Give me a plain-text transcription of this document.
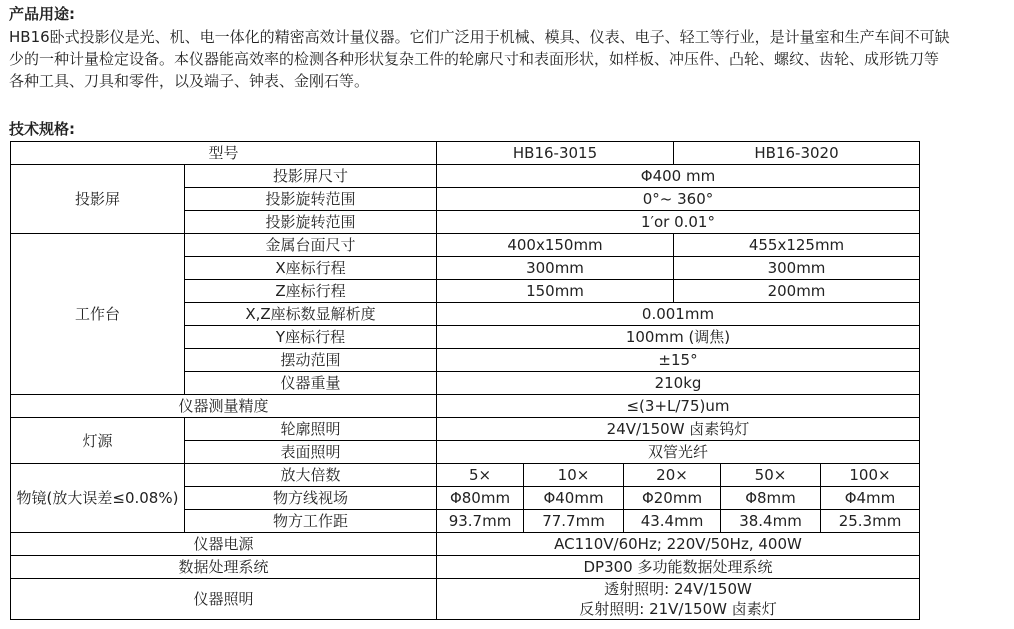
产品用途:
HB16卧式投影仪是光、机、电一体化的精密高效计量仪器。它们广泛用于机械、模具、仪表、电子、轻工等行业，是计量室和生产车间不可缺
少的一种计量检定设备。本仪器能高效率的检测各种形状复杂工件的轮廓尺寸和表面形状，如样板、冲压件、凸轮、螺纹、齿轮、成形铣刀等
各种工具、刀具和零件，以及端子、钟表、金刚石等。
技术规格:
型号		HB16-3015			HB16-3020		
投影屏	投影屏尺寸	Φ400 mm					
	投影旋转范围	0°~ 360°					
	投影旋转范围	1′or 0.01°					
工作台	金属台面尺寸	400x150mm			455x125mm		
	X座标行程	300mm			300mm		
	Z座标行程	150mm			200mm		
	X,Z座标数显解析度	0.001mm					
	Y座标行程	100mm (调焦)					
	摆动范围	±15°					
	仪器重量	210kg					
仪器测量精度		≤(3+L/75)um					
灯源	轮廓照明	24V/150W 卤素钨灯					
	表面照明	双管光纤					
物镜(放大误差≤0.08%)	放大倍数	5×	10×	20×		50×	100×
	物方线视场	Φ80mm	Φ40mm	Φ20mm		Φ8mm	Φ4mm
	物方工作距	93.7mm	77.7mm	43.4mm		38.4mm	25.3mm
仪器电源		AC110V/60Hz; 220V/50Hz, 400W					
数据处理系统		DP300 多功能数据处理系统					
仪器照明		透射照明: 24V/150W
反射照明: 21V/150W 卤素灯					
